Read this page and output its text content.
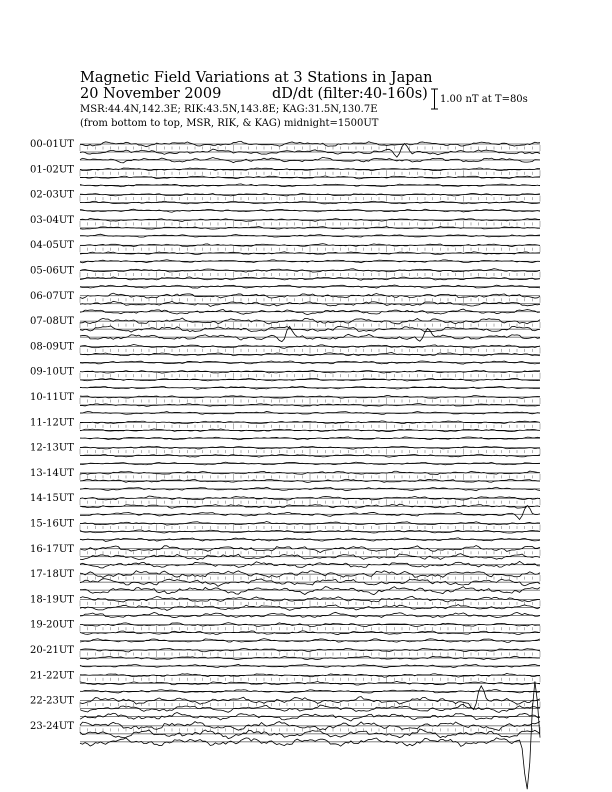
Magnetic Field Variations at 3 Stations in Japan
20 November 2009	dD/dt (filter:40-160s)
MSR:44.4N,142.3E; RIK:43.5N,143.8E; KAG:31.5N,130.7E
(from bottom to top, MSR, RIK, & KAG) midnight=1500UT
1.00 nT at T=80s
00-01UT
01-02UT
02-03UT
03-04UT
04-05UT
05-06UT
06-07UT
07-08UT
08-09UT
09-10UT
10-11UT
11-12UT
12-13UT
13-14UT
14-15UT
15-16UT
16-17UT
17-18UT
18-19UT
19-20UT
20-21UT
21-22UT
22-23UT
23-24UT
